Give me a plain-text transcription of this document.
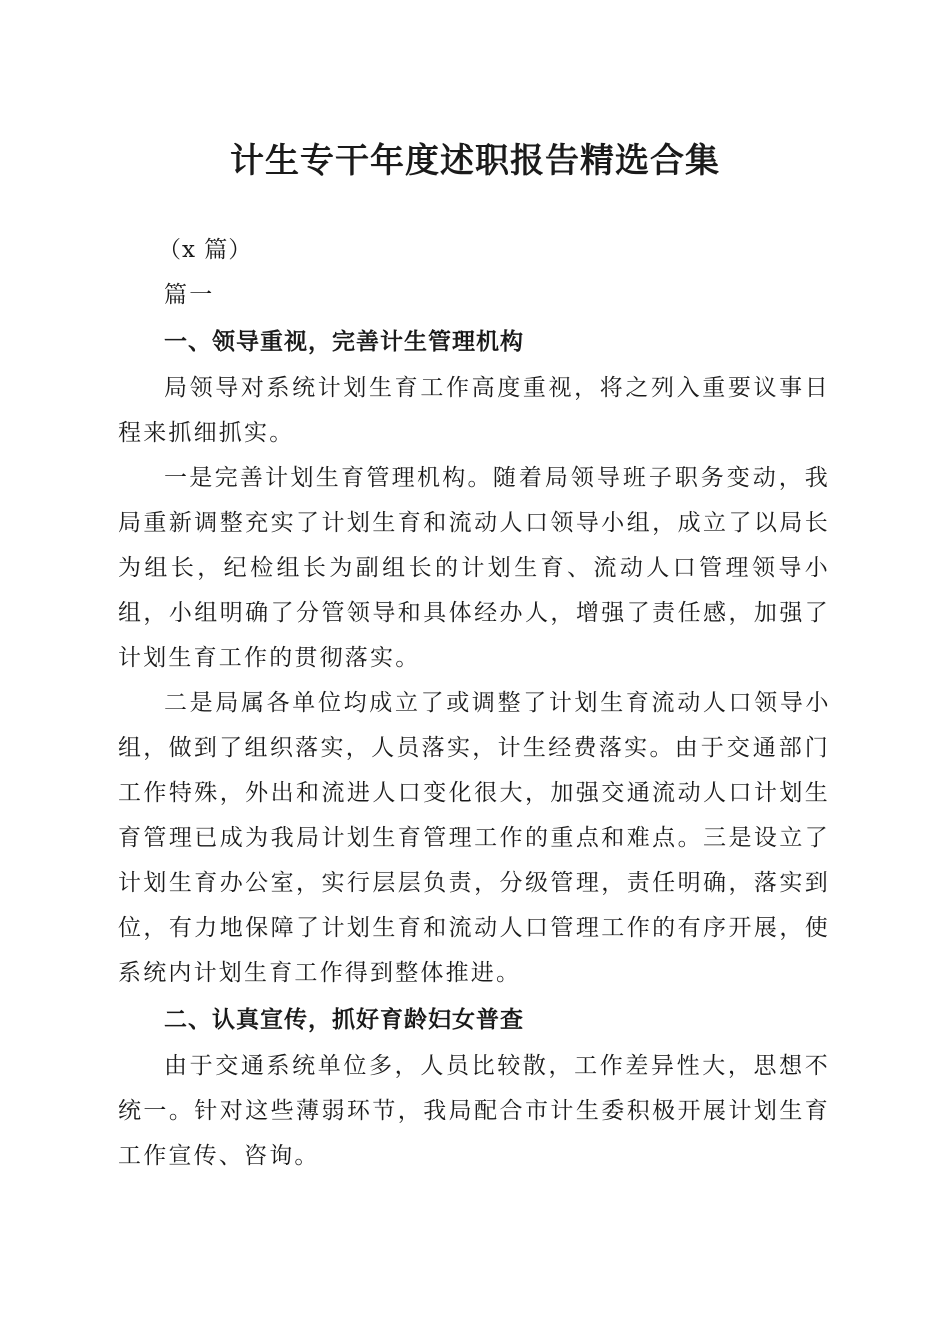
计生专干年度述职报告精选合集

（x 篇）

篇一

一、领导重视，完善计生管理机构

局领导对系统计划生育工作高度重视，将之列入重要议事日程来抓细抓实。

一是完善计划生育管理机构。随着局领导班子职务变动，我局重新调整充实了计划生育和流动人口领导小组，成立了以局长为组长，纪检组长为副组长的计划生育、流动人口管理领导小组，小组明确了分管领导和具体经办人，增强了责任感，加强了计划生育工作的贯彻落实。

二是局属各单位均成立了或调整了计划生育流动人口领导小组，做到了组织落实，人员落实，计生经费落实。由于交通部门工作特殊，外出和流进人口变化很大，加强交通流动人口计划生育管理已成为我局计划生育管理工作的重点和难点。三是设立了计划生育办公室，实行层层负责，分级管理，责任明确，落实到位，有力地保障了计划生育和流动人口管理工作的有序开展，使系统内计划生育工作得到整体推进。

二、认真宣传，抓好育龄妇女普查

由于交通系统单位多，人员比较散，工作差异性大，思想不统一。针对这些薄弱环节，我局配合市计生委积极开展计划生育工作宣传、咨询。
